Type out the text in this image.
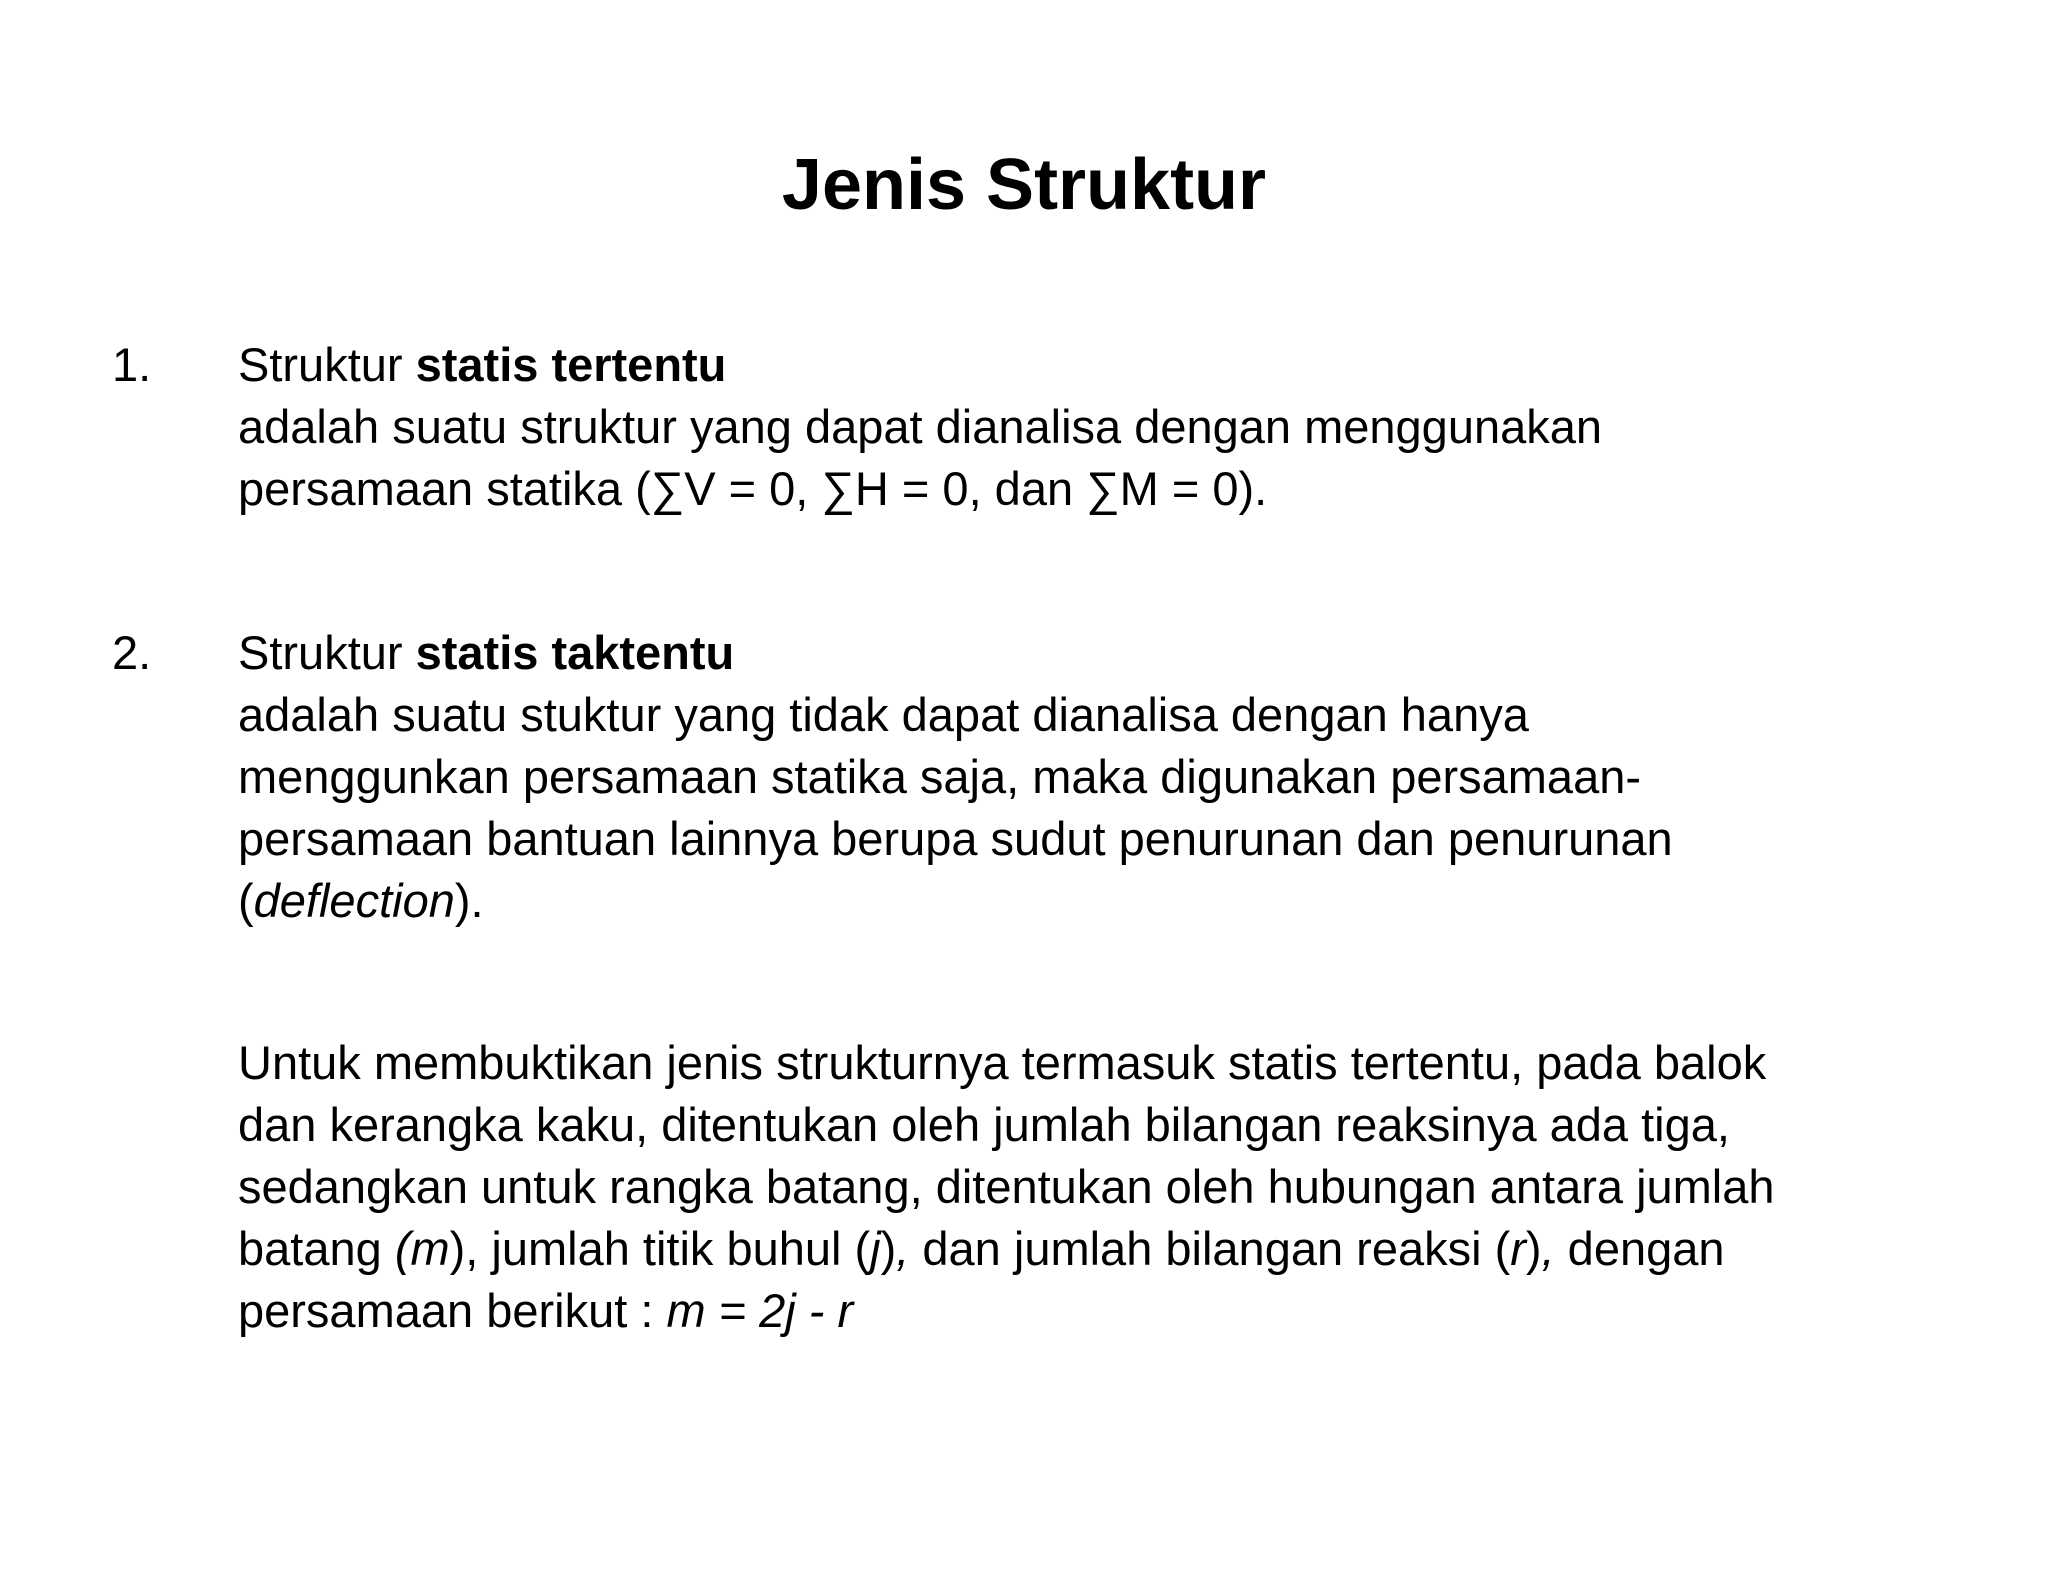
Jenis Struktur
1. Struktur statis tertentu

adalah suatu struktur yang dapat dianalisa dengan menggunakan

persamaan statika (∑V = 0, ∑H = 0, dan ∑M = 0).

2. Struktur statis taktentu

adalah suatu stuktur yang tidak dapat dianalisa dengan hanya

menggunkan persamaan statika saja, maka digunakan persamaan-

persamaan bantuan lainnya berupa sudut penurunan dan penurunan

(deflection).

Untuk membuktikan jenis strukturnya termasuk statis tertentu, pada balok

dan kerangka kaku, ditentukan oleh jumlah bilangan reaksinya ada tiga,

sedangkan untuk rangka batang, ditentukan oleh hubungan antara jumlah

batang (m), jumlah titik buhul (j), dan jumlah bilangan reaksi (r), dengan

persamaan berikut : m = 2j - r
